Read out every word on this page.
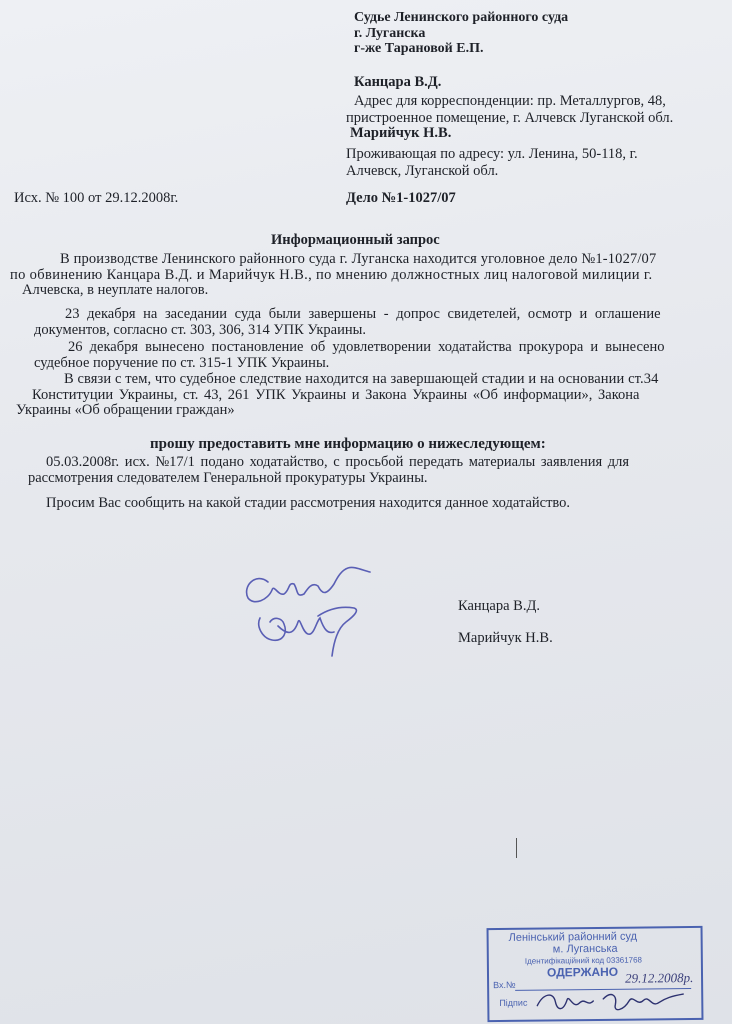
Судье Ленинского районного суда
г. Луганска
г-же Тарановой Е.П.
Канцара В.Д.
Адрес для корреспонденции: пр. Металлургов, 48,
пристроенное помещение, г. Алчевск Луганской обл.
Марийчук Н.В.
Проживающая по адресу: ул. Ленина, 50-118, г.
Алчевск, Луганской обл.
Исх. № 100 от 29.12.2008г.	Дело №1-1027/07
Информационный запрос
В производстве Ленинского районного суда г. Луганска находится уголовное дело №1-1027/07
по обвинению Канцара В.Д. и Марийчук Н.В., по мнению должностных лиц налоговой милиции г.
Алчевска, в неуплате налогов.
23 декабря на заседании суда были завершены - допрос свидетелей, осмотр и оглашение
документов, согласно ст. 303, 306, 314 УПК Украины.
26 декабря вынесено постановление об удовлетворении ходатайства прокурора и вынесено
судебное поручение по ст. 315-1 УПК Украины.
В связи с тем, что судебное следствие находится на завершающей стадии и на основании ст.34
Конституции Украины, ст. 43, 261 УПК Украины и Закона Украины «Об информации», Закона
Украины «Об обращении граждан»
прошу предоставить мне информацию о нижеследующем:
05.03.2008г. исх. №17/1 подано ходатайство, с просьбой передать материалы заявления для
рассмотрения следователем Генеральной прокуратуры Украины.
Просим Вас сообщить на какой стадии рассмотрения находится данное ходатайство.
Канцара В.Д.
Марийчук Н.В.
Ленінський районний суд
м. Луганська
Ідентифікаційний код 03361768
ОДЕРЖАНО
Вх.№	29.12.2008р.
Підпис
